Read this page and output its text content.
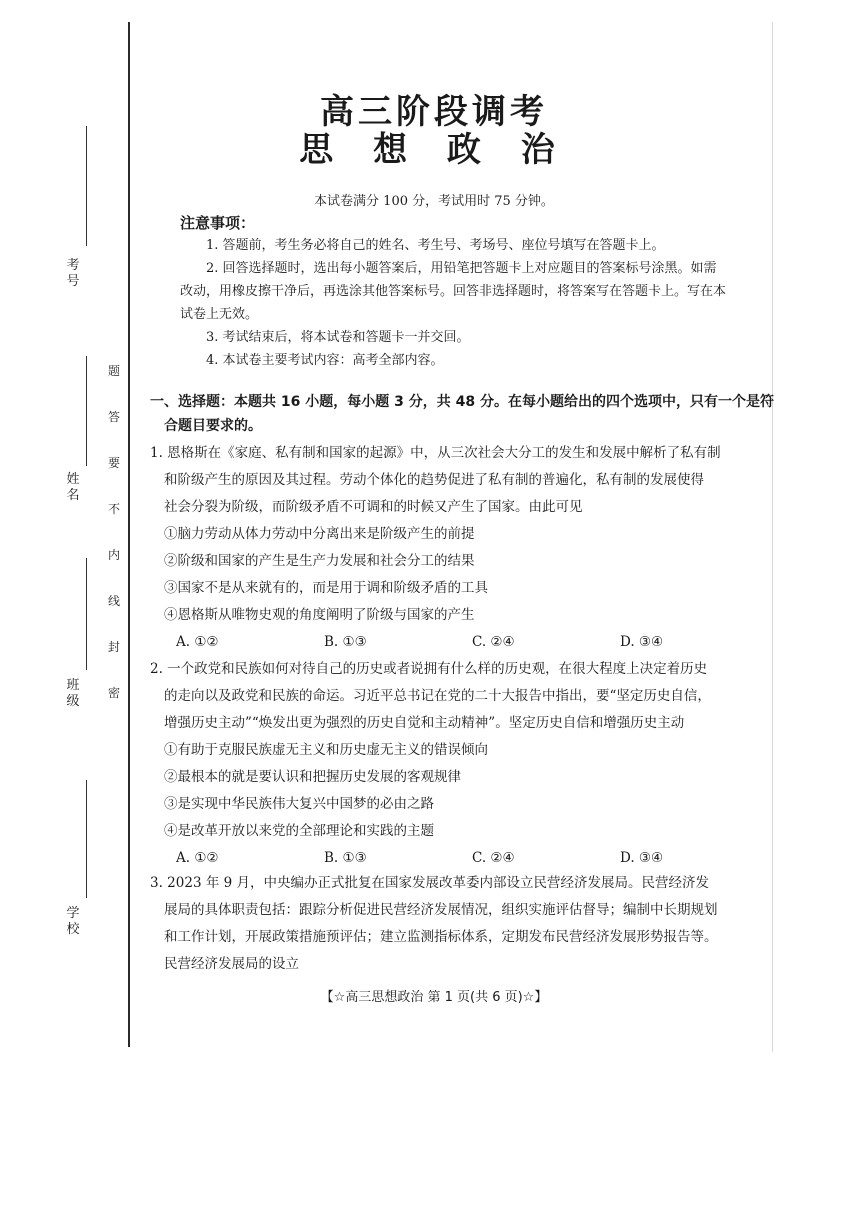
考号
姓名
班级
学校
题
答
要
不
内
线
封
密
高三阶段调考
思 想 政 治
本试卷满分 100 分，考试用时 75 分钟。
注意事项：

1. 答题前，考生务必将自己的姓名、考生号、考场号、座位号填写在答题卡上。

2. 回答选择题时，选出每小题答案后，用铅笔把答题卡上对应题目的答案标号涂黑。如需改动，用橡皮擦干净后，再选涂其他答案标号。回答非选择题时，将答案写在答题卡上。写在本试卷上无效。

3. 考试结束后，将本试卷和答题卡一并交回。

4. 本试卷主要考试内容：高考全部内容。

一、选择题：本题共 16 小题，每小题 3 分，共 48 分。在每小题给出的四个选项中，只有一个是符
合题目要求的。

1. 恩格斯在《家庭、私有制和国家的起源》中，从三次社会大分工的发生和发展中解析了私有制

和阶级产生的原因及其过程。劳动个体化的趋势促进了私有制的普遍化，私有制的发展使得

社会分裂为阶级，而阶级矛盾不可调和的时候又产生了国家。由此可见

①脑力劳动从体力劳动中分离出来是阶级产生的前提

②阶级和国家的产生是生产力发展和社会分工的结果

③国家不是从来就有的，而是用于调和阶级矛盾的工具

④恩格斯从唯物史观的角度阐明了阶级与国家的产生

A. ①②	B. ①③	C. ②④	D. ③④

2. 一个政党和民族如何对待自己的历史或者说拥有什么样的历史观，在很大程度上决定着历史

的走向以及政党和民族的命运。习近平总书记在党的二十大报告中指出，要“坚定历史自信，

增强历史主动”“焕发出更为强烈的历史自觉和主动精神”。坚定历史自信和增强历史主动

①有助于克服民族虚无主义和历史虚无主义的错误倾向

②最根本的就是要认识和把握历史发展的客观规律

③是实现中华民族伟大复兴中国梦的必由之路

④是改革开放以来党的全部理论和实践的主题

A. ①②	B. ①③	C. ②④	D. ③④

3. 2023 年 9 月，中央编办正式批复在国家发展改革委内部设立民营经济发展局。民营经济发

展局的具体职责包括：跟踪分析促进民营经济发展情况，组织实施评估督导；编制中长期规划

和工作计划，开展政策措施预评估；建立监测指标体系，定期发布民营经济发展形势报告等。

民营经济发展局的设立

【☆高三思想政治 第 1 页(共 6 页)☆】
